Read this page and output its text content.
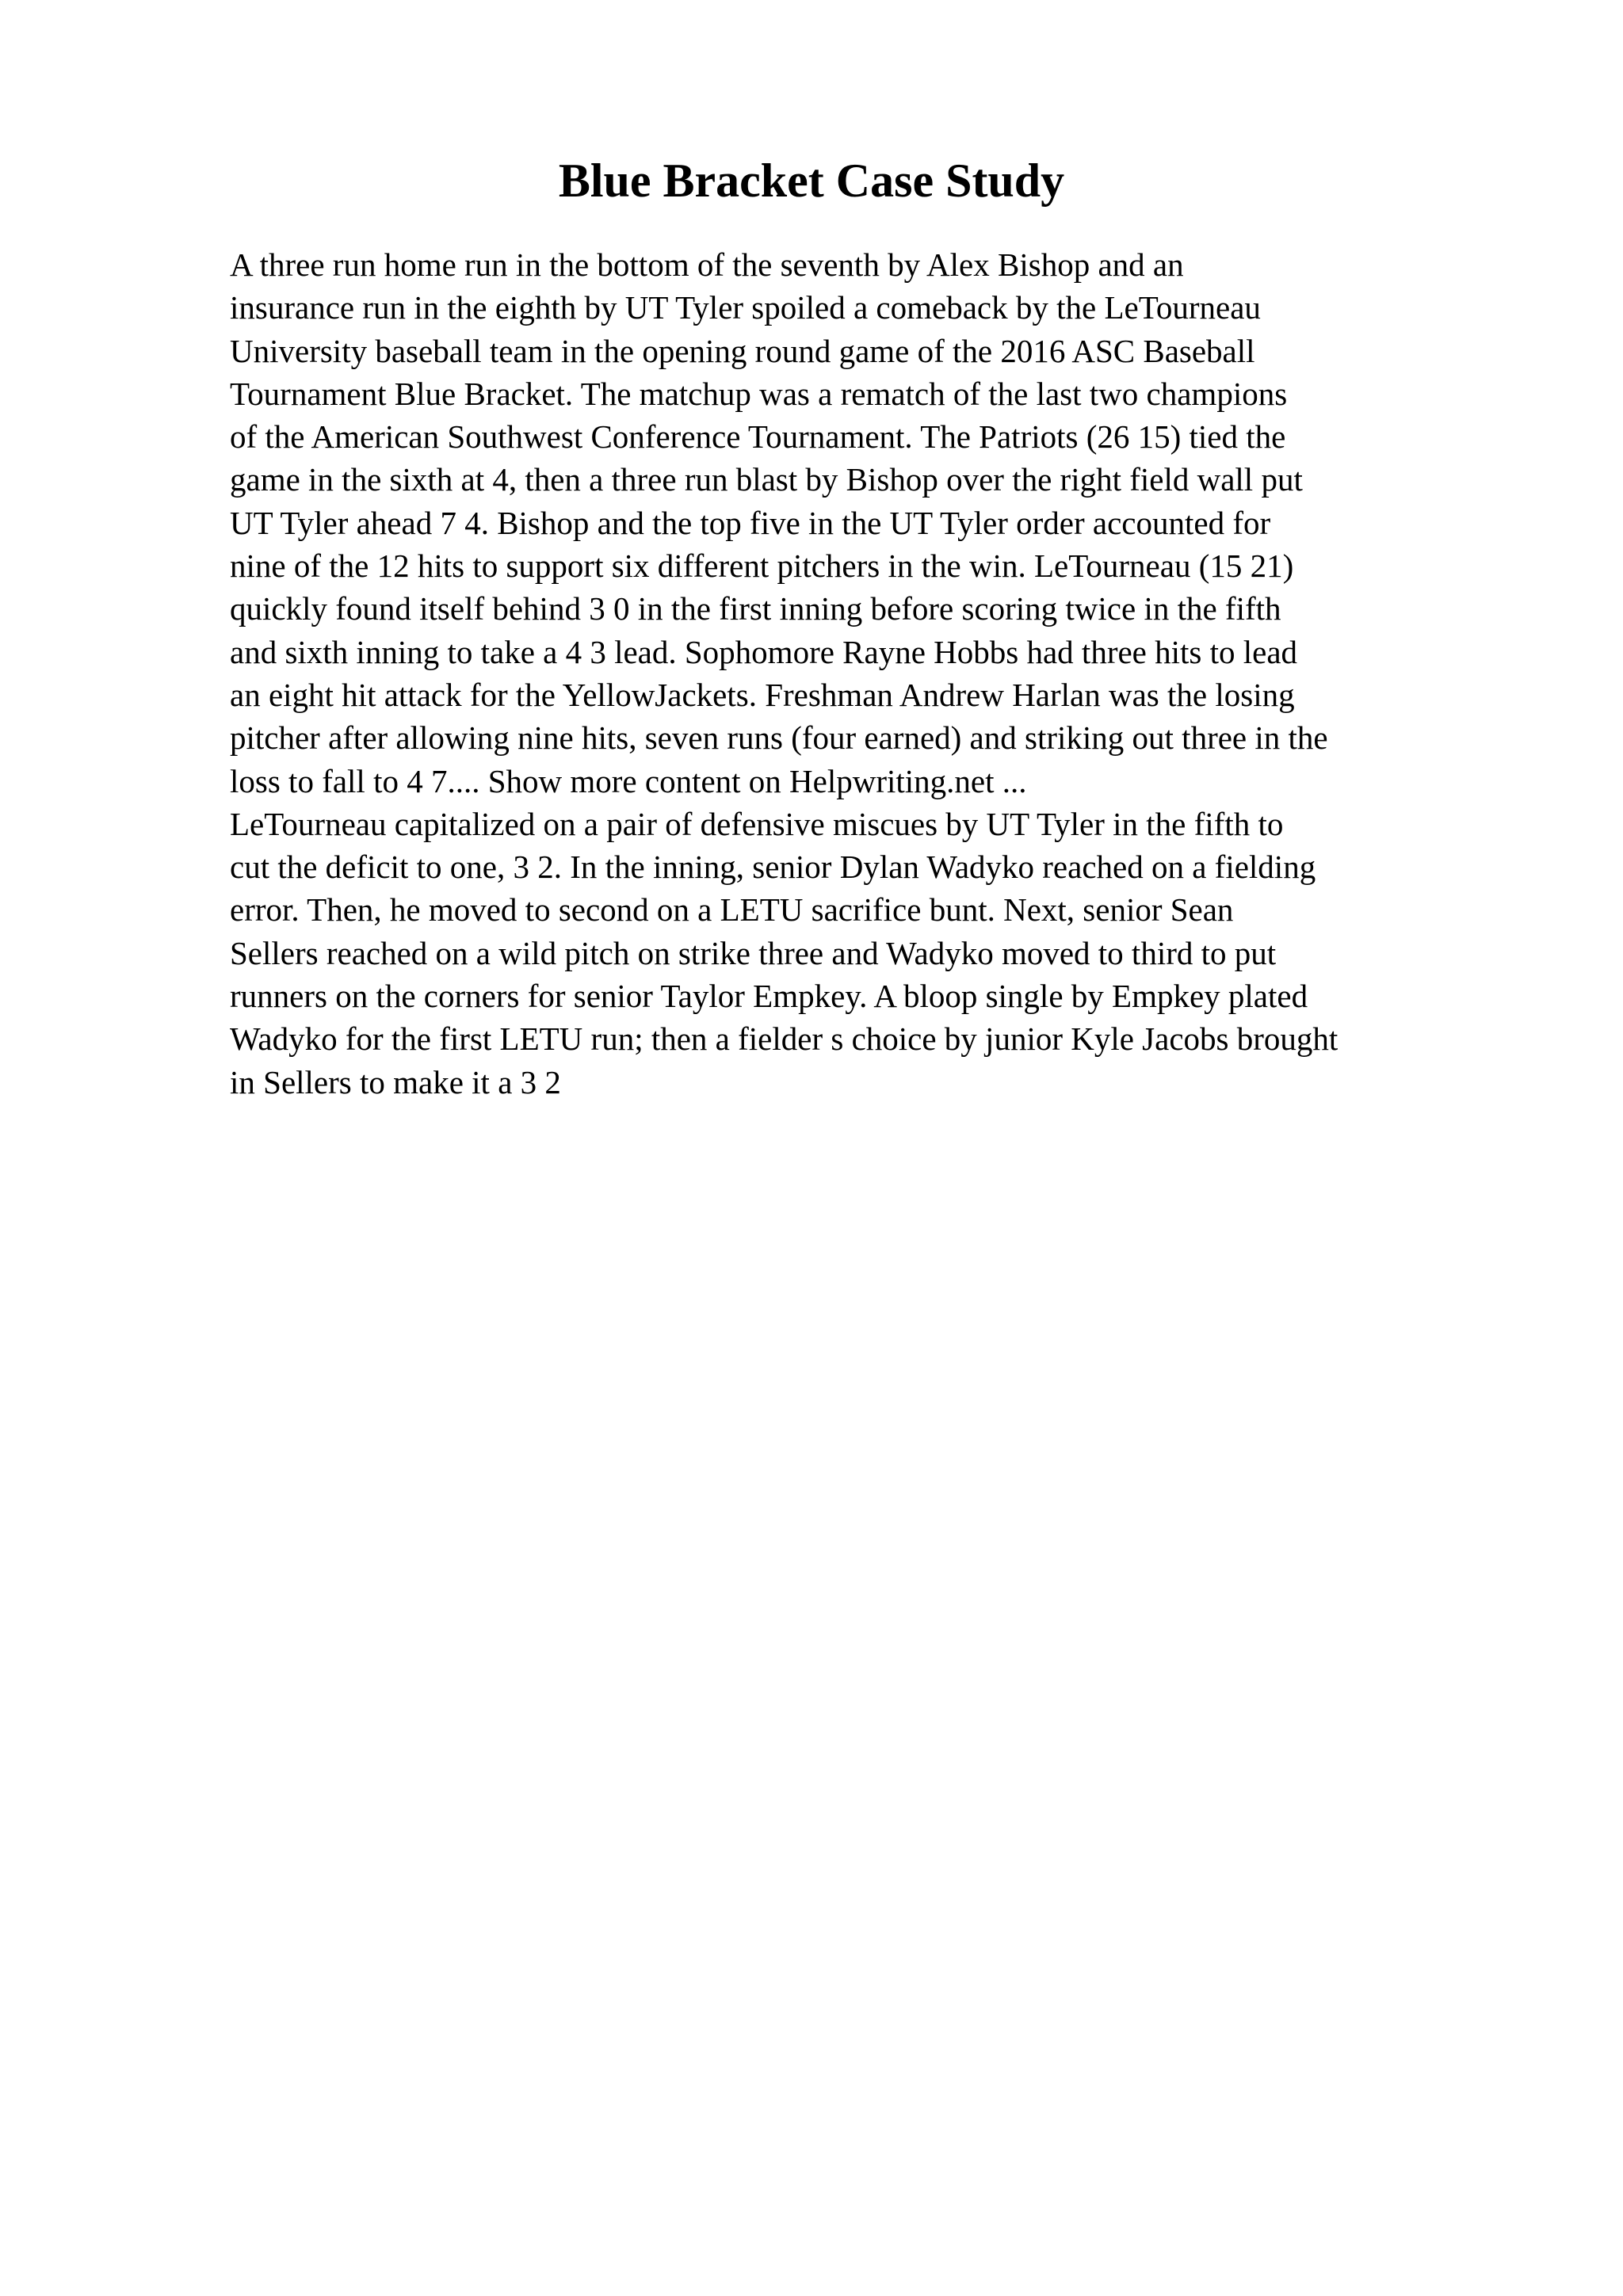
Blue Bracket Case Study
A three run home run in the bottom of the seventh by Alex Bishop and an
insurance run in the eighth by UT Tyler spoiled a comeback by the LeTourneau
University baseball team in the opening round game of the 2016 ASC Baseball
Tournament Blue Bracket. The matchup was a rematch of the last two champions
of the American Southwest Conference Tournament. The Patriots (26 15) tied the
game in the sixth at 4, then a three run blast by Bishop over the right field wall put
UT Tyler ahead 7 4. Bishop and the top five in the UT Tyler order accounted for
nine of the 12 hits to support six different pitchers in the win. LeTourneau (15 21)
quickly found itself behind 3 0 in the first inning before scoring twice in the fifth
and sixth inning to take a 4 3 lead. Sophomore Rayne Hobbs had three hits to lead
an eight hit attack for the YellowJackets. Freshman Andrew Harlan was the losing
pitcher after allowing nine hits, seven runs (four earned) and striking out three in the
loss to fall to 4 7.... Show more content on Helpwriting.net ...
LeTourneau capitalized on a pair of defensive miscues by UT Tyler in the fifth to
cut the deficit to one, 3 2. In the inning, senior Dylan Wadyko reached on a fielding
error. Then, he moved to second on a LETU sacrifice bunt. Next, senior Sean
Sellers reached on a wild pitch on strike three and Wadyko moved to third to put
runners on the corners for senior Taylor Empkey. A bloop single by Empkey plated
Wadyko for the first LETU run; then a fielder s choice by junior Kyle Jacobs brought
in Sellers to make it a 3 2
